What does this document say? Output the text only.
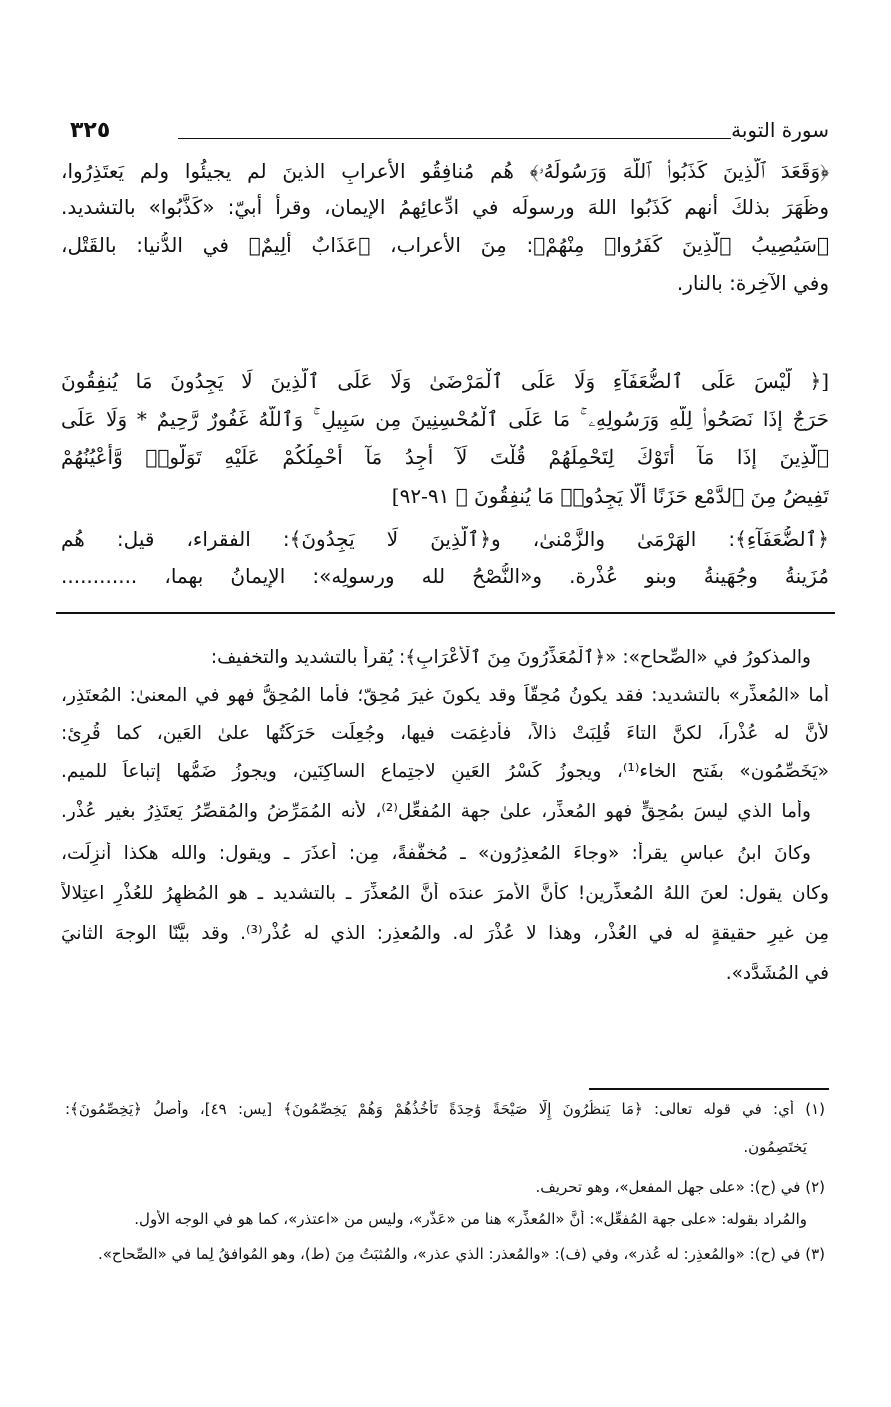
سورة التوبة
٣٢٥
﴿وَقَعَدَ ٱلَّذِينَ كَذَبُوا۟ ٱللَّهَ وَرَسُولَهُۥ﴾ هُم مُنافِقُو الأعرابِ الذينَ لم يجيئُوا ولم يَعتَذِرُوا،
وظَهَرَ بذلكَ أنهم كَذَبُوا اللهَ ورسولَه في ادِّعائِهمُ الإيمان، وقرأ أُبيّ: «كَذَّبُوا» بالتشديد.
﴿سَيُصِيبُ ٱلَّذِينَ كَفَرُوا۟ مِنْهُمْ﴾: مِنَ الأعراب، ﴿عَذَابٌ أَلِيمٌ﴾ في الدُّنيا: بالقَتْل،
وفي الآخِرة: بالنار.
[﴿ لَّيْسَ عَلَى ٱلضُّعَفَآءِ وَلَا عَلَى ٱلْمَرْضَىٰ وَلَا عَلَى ٱلَّذِينَ لَا يَجِدُونَ مَا يُنفِقُونَ
حَرَجٌ إِذَا نَصَحُوا۟ لِلَّهِ وَرَسُولِهِۦ ۚ مَا عَلَى ٱلْمُحْسِنِينَ مِن سَبِيلٍ ۚ وَٱللَّهُ غَفُورٌ رَّحِيمٌ * وَلَا عَلَى
ٱلَّذِينَ إِذَا مَآ أَتَوْكَ لِتَحْمِلَهُمْ قُلْتَ لَآ أَجِدُ مَآ أَحْمِلُكُمْ عَلَيْهِ تَوَلَّوا۟ وَّأَعْيُنُهُمْ
تَفِيضُ مِنَ ٱلدَّمْعِ حَزَنًا أَلَّا يَجِدُوا۟ مَا يُنفِقُونَ ﴾ ٩١-٩٢]
﴿ٱلضُّعَفَآءِ﴾: الهَرْمَىٰ والزَّمْنىٰ، و﴿ٱلَّذِينَ لَا يَجِدُونَ﴾: الفقراء، قيل: هُم
مُزَينةُ وجُهَينةُ وبنو عُذْرة. و«النُّصْحُ لله ورسولِه»: الإيمانُ بهما، ............
والمذكورُ في «الصِّحاح»: «﴿ٱلْمُعَذِّرُونَ مِنَ ٱلْأَعْرَابِ﴾: يُقرأُ بالتشديد والتخفيف:
أما «المُعذِّر» بالتشديد: فقد يكونُ مُحِقّاً وقد يكونَ غيرَ مُحِقّ؛ فأما المُحِقُّ فهو في المعنىٰ: المُعتَذِر،
لأنَّ له عُذْراً، لكنَّ التاءَ قُلِبَتْ ذالاً، فأُدغِمَت فيها، وجُعِلَت حَرَكَتُها علىٰ العَين، كما قُرِئ:
«يَخَصِّمُون» بفَتح الخاء⁽¹⁾، ويجوزُ كَسْرُ العَينِ لاجتِماع الساكِنَين، ويجوزُ ضَمُّها إتباعاً للميم.
وأما الذي ليسَ بمُحِقٍّ فهو المُعذِّر، علىٰ جهة المُفعِّل⁽²⁾، لأنه المُمَرِّضُ والمُقصِّرُ يَعتَذِرُ بغير عُذْر.
وكانَ ابنُ عباسٍ يقرأ: «وجاءَ المُعذِرُون» ـ مُخفَّفةً، مِن: أعذَرَ ـ ويقول: والله هكذا أُنزِلَت،
وكان يقول: لعنَ اللهُ المُعذِّرين! كأنَّ الأمرَ عندَه أنَّ المُعذِّرَ ـ بالتشديد ـ هو المُظهِرُ للعُذْرِ اعتِلالاً
مِن غيرِ حقيقةٍ له في العُذْر، وهذا لا عُذْرَ له. والمُعذِر: الذي له عُذْر⁽³⁾. وقد بيَّنّا الوجهَ الثانيَ
في المُشَدَّد».
(١) أي: في قوله تعالى: ﴿مَا يَنظُرُونَ إِلَّا صَيْحَةً وَٰحِدَةً تَأْخُذُهُمْ وَهُمْ يَخِصِّمُونَ﴾ [يس: ٤٩]، وأصلُ ﴿يَخِصِّمُونَ﴾:
يَختَصِمُون.
(٢) في (ح): «على جهل المفعل»، وهو تحريف.
والمُراد بقوله: «على جهة المُفعِّل»: أنَّ «المُعذِّر» هنا من «عَذَّر»، وليس من «اعتذر»، كما هو في الوجه الأول.
(٣) في (ح): «والمُعذِر: له عُذر»، وفي (ف): «والمُعذر: الذي عذر»، والمُثبَتُ مِنَ (ط)، وهو المُوافقُ لِما في «الصِّحاح».
